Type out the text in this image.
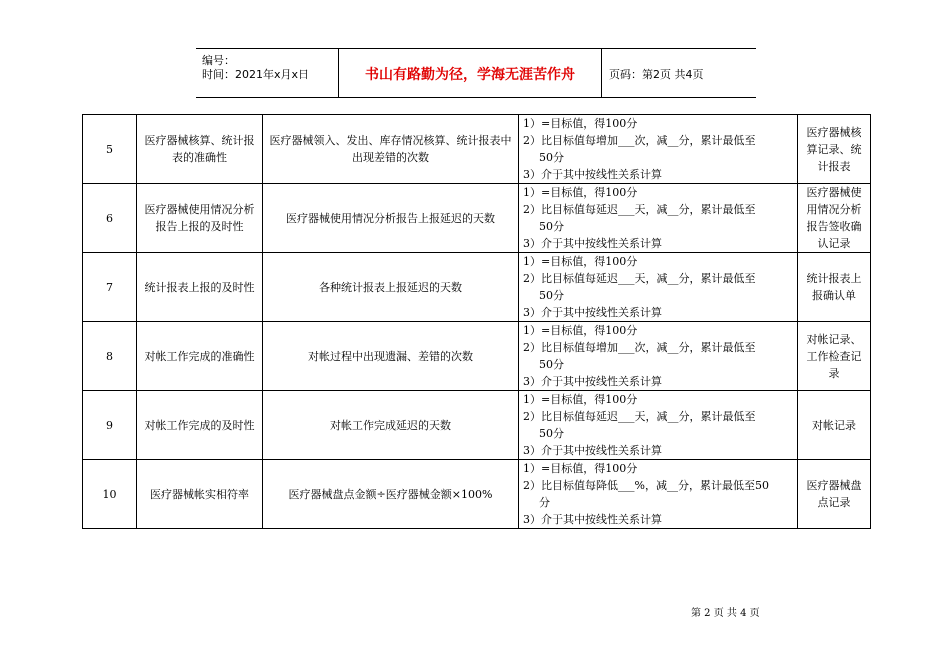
编号：
时间：2021年x月x日	书山有路勤为径，学海无涯苦作舟	页码：第2页 共4页
5	医疗器械核算、统计报表的准确性	医疗器械领入、发出、库存情况核算、统计报表中出现差错的次数	1）=目标值，得100分
2）比目标值每增加___次，减__分，累计最低至
50分
3）介于其中按线性关系计算	医疗器械核算记录、统计报表
6	医疗器械使用情况分析报告上报的及时性	医疗器械使用情况分析报告上报延迟的天数	1）=目标值，得100分
2）比目标值每延迟___天，减__分，累计最低至
50分
3）介于其中按线性关系计算	医疗器械使用情况分析报告签收确认记录
7	统计报表上报的及时性	各种统计报表上报延迟的天数	1）=目标值，得100分
2）比目标值每延迟___天，减__分，累计最低至
50分
3）介于其中按线性关系计算	统计报表上报确认单
8	对帐工作完成的准确性	对帐过程中出现遗漏、差错的次数	1）=目标值，得100分
2）比目标值每增加___次，减__分，累计最低至
50分
3）介于其中按线性关系计算	对帐记录、工作检查记录
9	对帐工作完成的及时性	对帐工作完成延迟的天数	1）=目标值，得100分
2）比目标值每延迟___天，减__分，累计最低至
50分
3）介于其中按线性关系计算	对帐记录
10	医疗器械帐实相符率	医疗器械盘点金额÷医疗器械金额×100%	1）=目标值，得100分
2）比目标值每降低___%，减__分，累计最低至50
分
3）介于其中按线性关系计算	医疗器械盘点记录
第 2 页 共 4 页
